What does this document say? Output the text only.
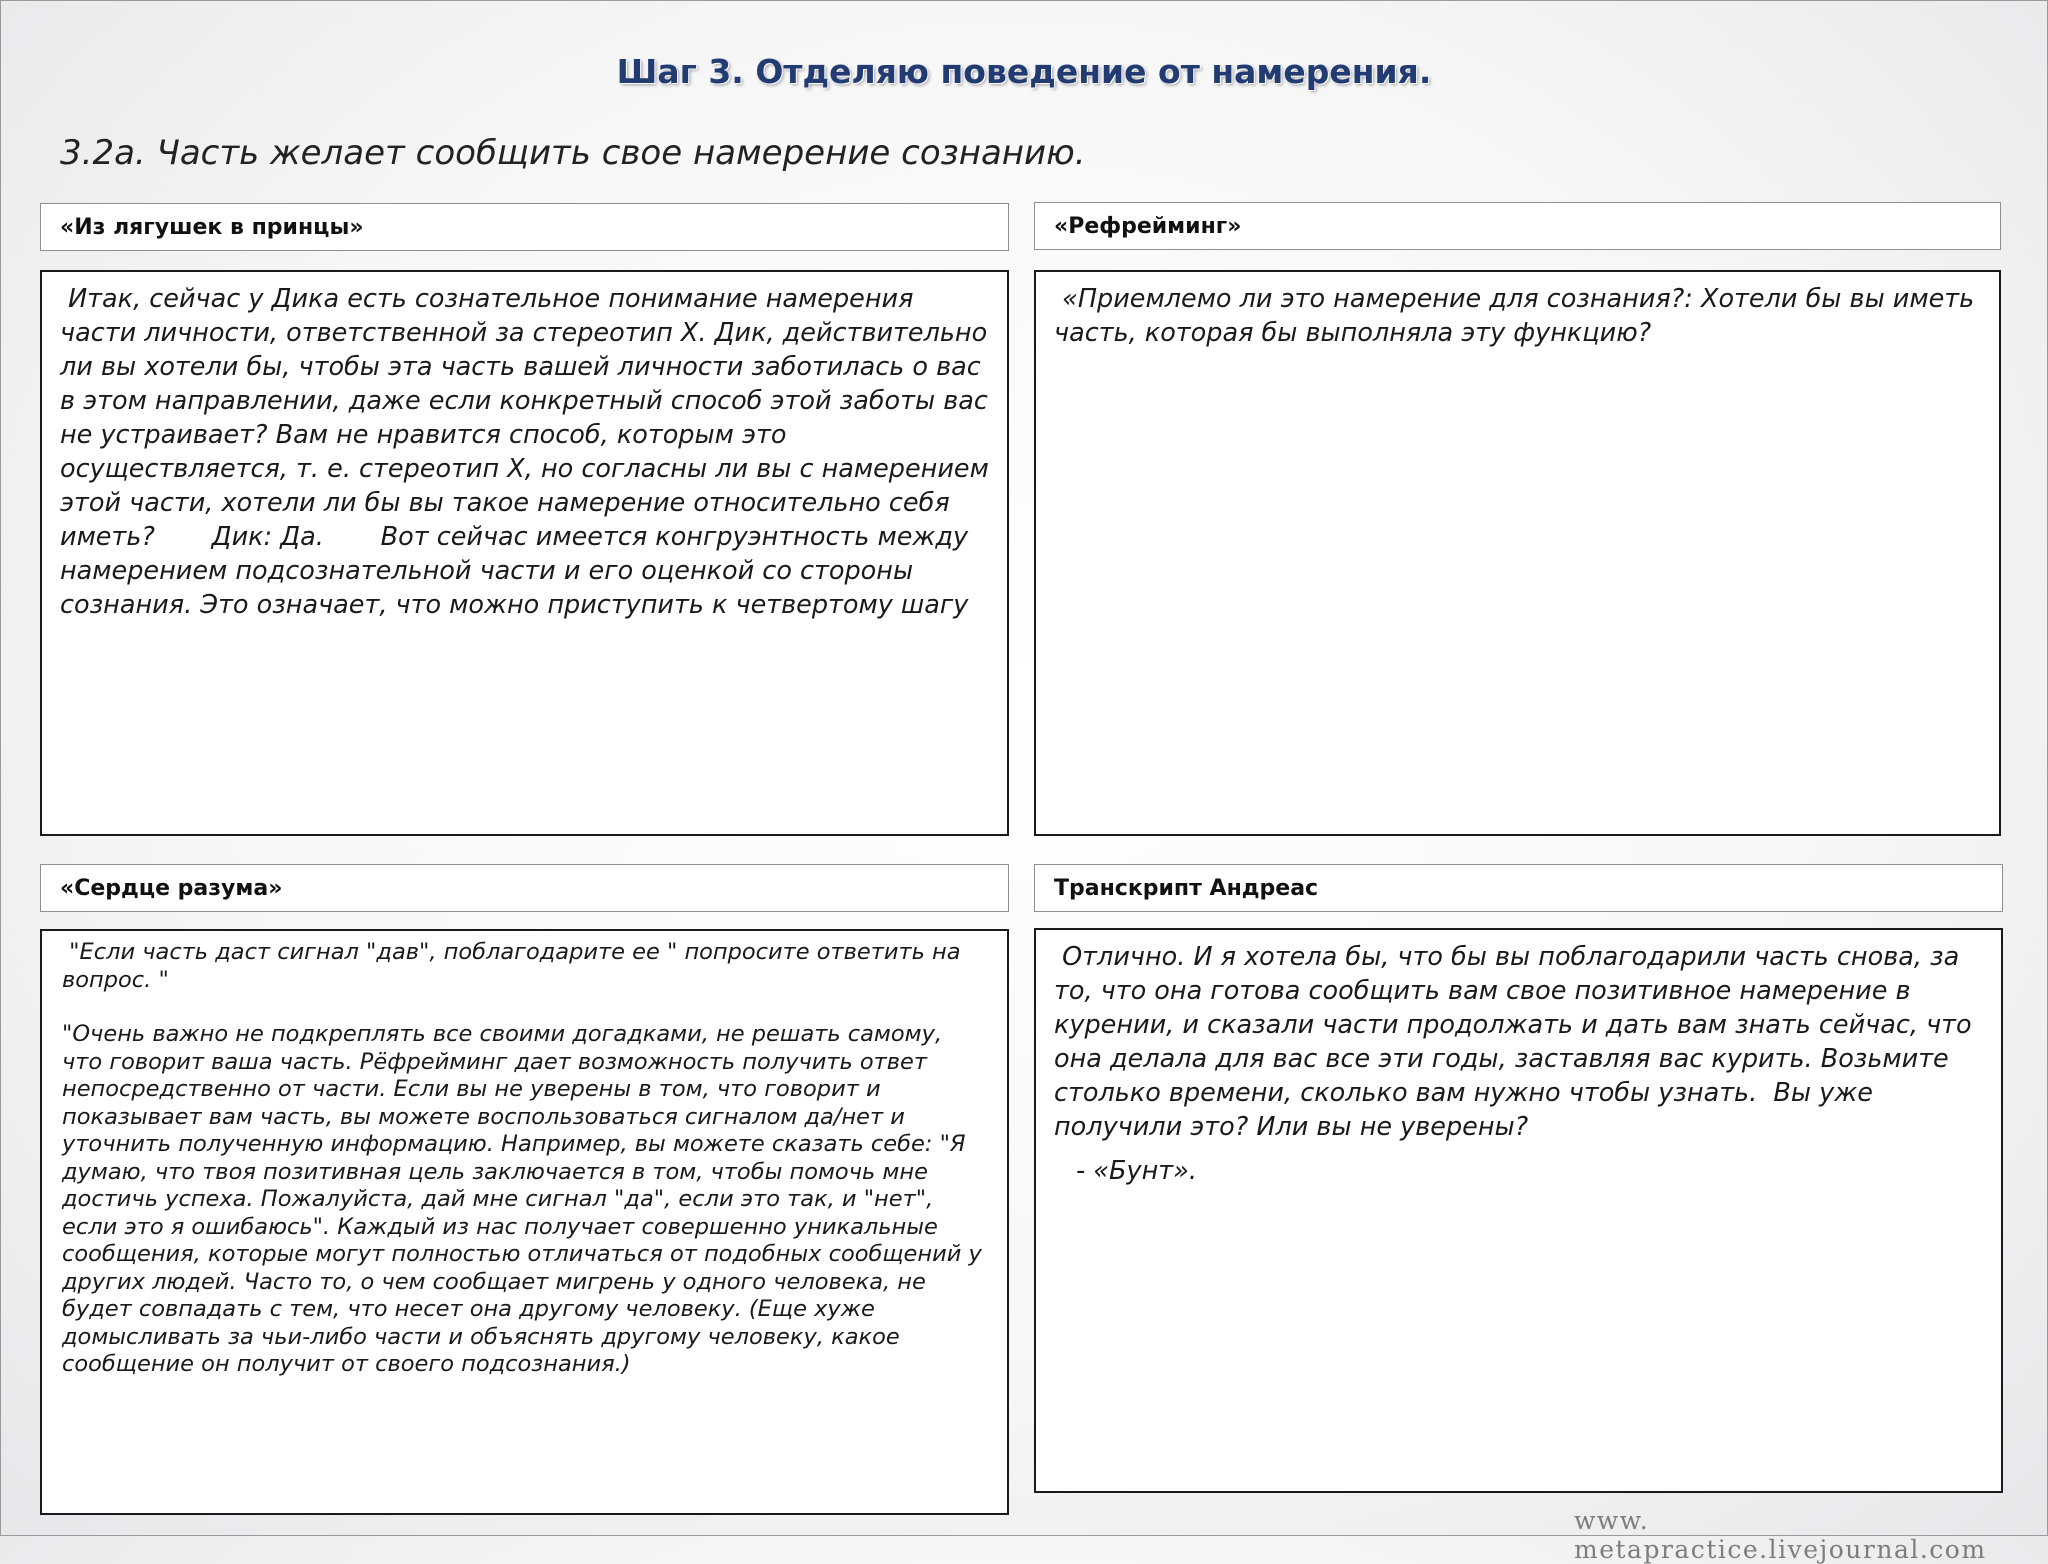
Шаг 3. Отделяю поведение от намерения.
3.2а. Часть желает сообщить свое намерение сознанию.
«Из лягушек в принцы»

Итак, сейчас у Дика есть сознательное понимание намерения части личности, ответственной за стереотип X. Дик, действительно ли вы хотели бы, чтобы эта часть вашей личности заботилась о вас в этом направлении, даже если конкретный способ этой заботы вас не устраивает? Вам не нравится способ, которым это осуществляется, т. е. стереотип X, но согласны ли вы с намерением этой части, хотели ли бы вы такое намерение относительно себя иметь?       Дик: Да.       Вот сейчас имеется конгруэнтность между намерением подсознательной части и его оценкой со стороны сознания. Это означает, что можно приступить к четвертому шагу

«Рефрейминг»

«Приемлемо ли это намерение для сознания?: Хотели бы вы иметь часть, которая бы выполняла эту функцию?

«Сердце разума»

"Если часть даст сигнал "дав", поблагодарите ее " попросите ответить на вопрос. "

"Очень важно не подкреплять все своими догадками, не решать самому, что говорит ваша часть. Рёфрейминг дает возможность получить ответ непосредственно от части. Если вы не уверены в том, что говорит и показывает вам часть, вы можете воспользоваться сигналом да/нет и уточнить полученную информацию. Например, вы можете сказать себе: "Я думаю, что твоя позитивная цель заключается в том, чтобы помочь мне достичь успеха. Пожалуйста, дай мне сигнал "да", если это так, и "нет", если это я ошибаюсь". Каждый из нас получает совершенно уникальные сообщения, которые могут полностью отличаться от подобных сообщений у других людей. Часто то, о чем сообщает мигрень у одного человека, не будет совпадать с тем, что несет она другому человеку. (Еще хуже домысливать за чьи-либо части и объяснять другому человеку, какое сообщение он получит от своего подсознания.)

Транскрипт Андреас

Отлично. И я хотела бы, что бы вы поблагодарили часть снова, за то, что она готова сообщить вам свое позитивное намерение в курении, и сказали части продолжать и дать вам знать сейчас, что она делала для вас все эти годы, заставляя вас курить. Возьмите столько времени, сколько вам нужно чтобы узнать.  Вы уже получили это? Или вы не уверены?

- «Бунт».

www. metapractice.livejournal.com
